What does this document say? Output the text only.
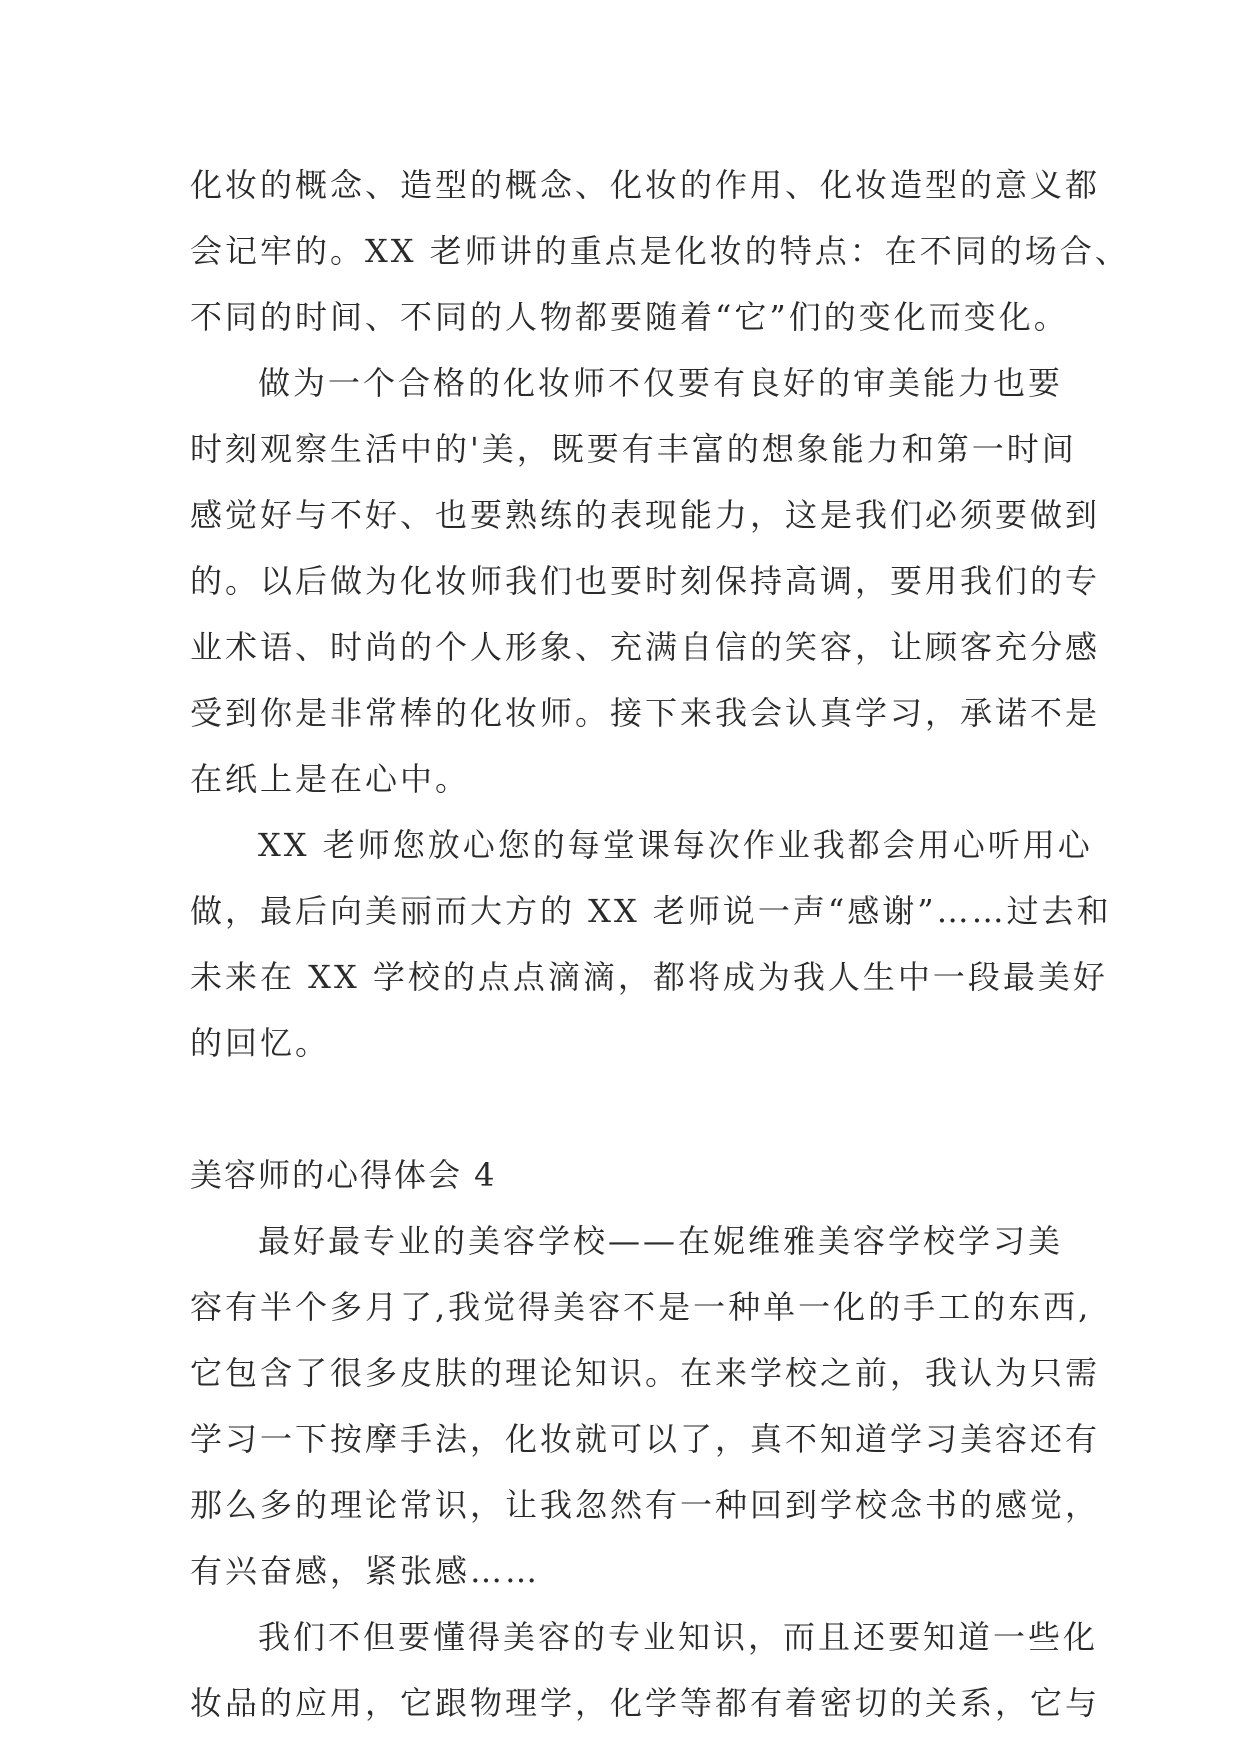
化妆的概念、造型的概念、化妆的作用、化妆造型的意义都
会记牢的。XX 老师讲的重点是化妆的特点：在不同的场合、
不同的时间、不同的人物都要随着“它”们的变化而变化。
做为一个合格的化妆师不仅要有良好的审美能力也要
时刻观察生活中的'美，既要有丰富的想象能力和第一时间
感觉好与不好、也要熟练的表现能力，这是我们必须要做到
的。以后做为化妆师我们也要时刻保持高调，要用我们的专
业术语、时尚的个人形象、充满自信的笑容，让顾客充分感
受到你是非常棒的化妆师。接下来我会认真学习，承诺不是
在纸上是在心中。
XX 老师您放心您的每堂课每次作业我都会用心听用心
做，最后向美丽而大方的 XX 老师说一声“感谢”……过去和
未来在 XX 学校的点点滴滴，都将成为我人生中一段最美好
的回忆。
美容师的心得体会 4
最好最专业的美容学校——在妮维雅美容学校学习美
容有半个多月了,我觉得美容不是一种单一化的手工的东西,
它包含了很多皮肤的理论知识。在来学校之前，我认为只需
学习一下按摩手法，化妆就可以了，真不知道学习美容还有
那么多的理论常识，让我忽然有一种回到学校念书的感觉，
有兴奋感，紧张感……
我们不但要懂得美容的专业知识，而且还要知道一些化
妆品的应用，它跟物理学，化学等都有着密切的关系，它与
